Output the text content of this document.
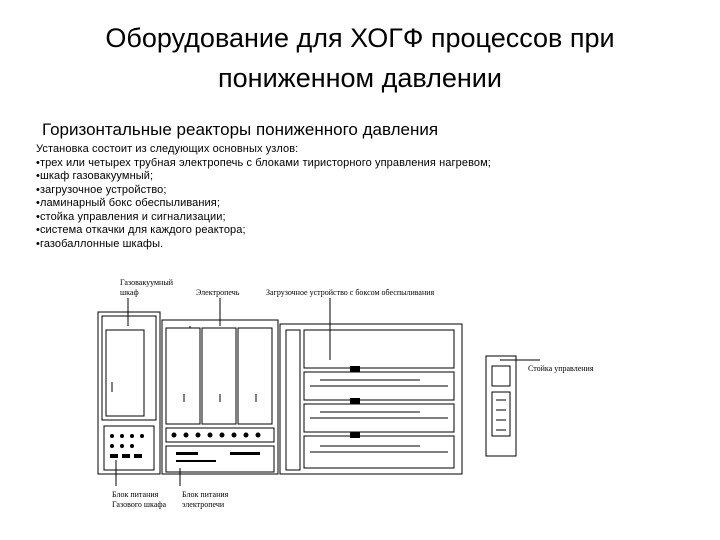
Оборудование для ХОГФ процессов при
пониженном давлении
Горизонтальные реакторы пониженного давления
Установка состоит из следующих основных узлов:
•трех или четырех трубная электропечь с блоками тиристорного управления нагревом;
•шкаф газовакуумный;
•загрузочное устройство;
•ламинарный бокс обеспыливания;
•стойка управления и сигнализации;
•система откачки для каждого реактора;
•газобаллонные шкафы.
Газовакуумный
шкаф	Электропечь	Загрузочное устройство с боксом обеспыливания
Стойка управления
Блок питания
Газового шкафа
Блок питания
электропечи
